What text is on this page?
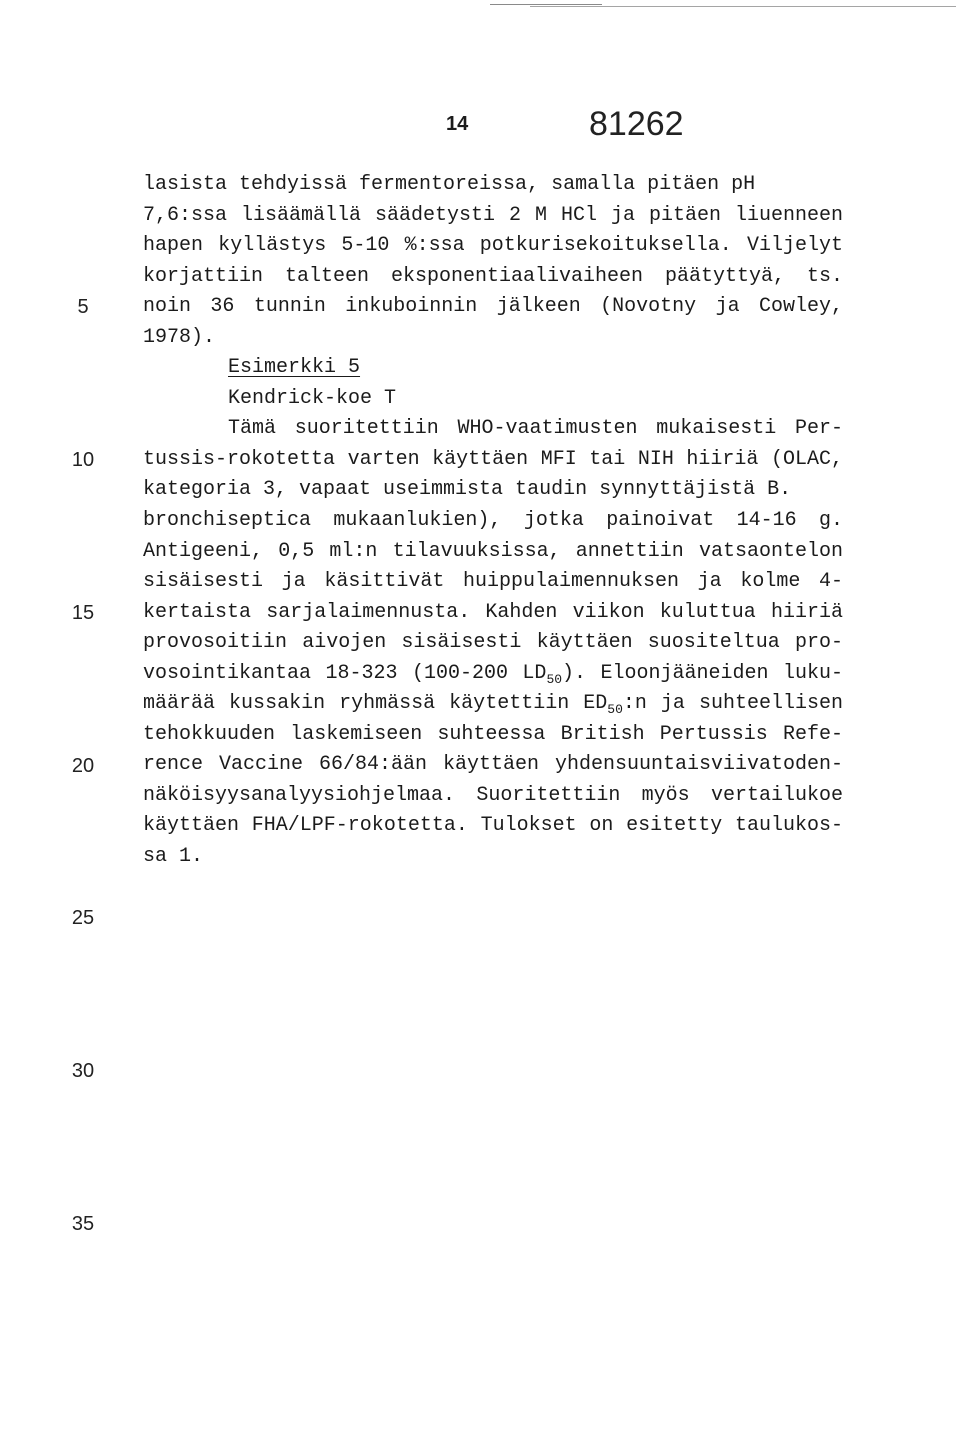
14	81262
lasista tehdyissä fermentoreissa, samalla pitäen pH
7,6:ssa lisäämällä säädetysti 2 M HCl ja pitäen liuenneen
hapen kyllästys 5-10 %:ssa potkurisekoituksella. Viljelyt
korjattiin talteen eksponentiaalivaiheen päätyttyä, ts.
noin 36 tunnin inkuboinnin jälkeen (Novotny ja Cowley,
1978).
Esimerkki 5
Kendrick-koe T
Tämä suoritettiin WHO-vaatimusten mukaisesti Per-
tussis-rokotetta varten käyttäen MFI tai NIH hiiriä (OLAC,
kategoria 3, vapaat useimmista taudin synnyttäjistä B.
bronchiseptica mukaanlukien), jotka painoivat 14-16 g.
Antigeeni, 0,5 ml:n tilavuuksissa, annettiin vatsaontelon
sisäisesti ja käsittivät huippulaimennuksen ja kolme 4-
kertaista sarjalaimennusta. Kahden viikon kuluttua hiiriä
provosoitiin aivojen sisäisesti käyttäen suositeltua pro-
vosointikantaa 18-323 (100-200 $LD_{50}$). Eloonjääneiden luku-
määrää kussakin ryhmässä käytettiin $ED_{50}:n$ ja suhteellisen
tehokkuuden laskemiseen suhteessa British Pertussis Refe-
rence Vaccine 66/84:ään käyttäen yhdensuuntaisviivatoden-
näköisyysanalyysiohjelmaa. Suoritettiin myös vertailukoe
käyttäen FHA/LPF-rokotetta. Tulokset on esitetty taulukos-
sa 1.
5
10
15
20
25
30
35
